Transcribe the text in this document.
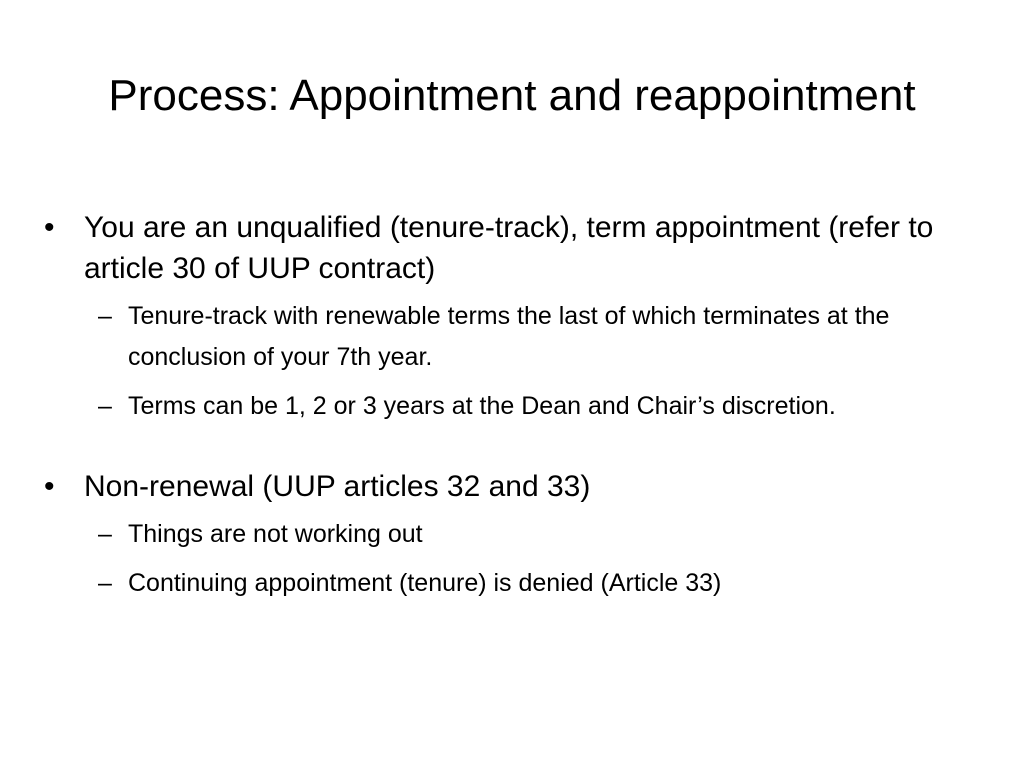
Process: Appointment and reappointment
• You are an unqualified (tenure-track), term appointment (refer to article 30 of UUP contract)
– Tenure-track with renewable terms the last of which terminates at the conclusion of your 7th year.
– Terms can be 1, 2 or 3 years at the Dean and Chair’s discretion.
• Non-renewal (UUP articles 32 and 33)
– Things are not working out
– Continuing appointment (tenure) is denied (Article 33)
